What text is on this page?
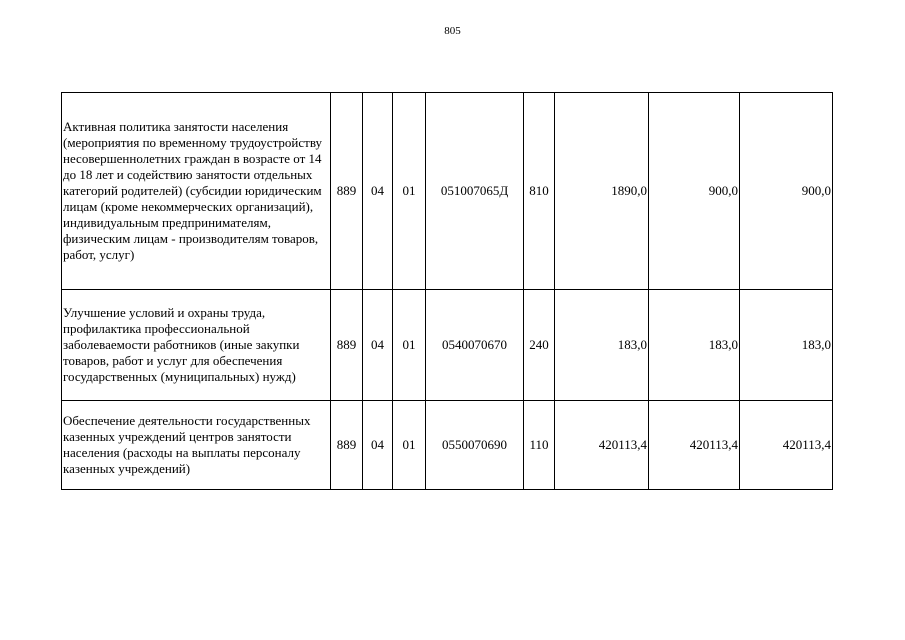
805
Активная политика занятости населения (мероприятия по временному трудоустройству несовершеннолетних граждан в возрасте от 14 до 18 лет и содействию занятости отдельных категорий родителей) (субсидии юридическим лицам (кроме некоммерческих организаций), индивидуальным предпринимателям, физическим лицам - производителям товаров, работ, услуг)	889	04	01	051007065Д	810	1890,0	900,0	900,0
Улучшение условий и охраны труда, профилактика профессиональной заболеваемости работников (иные закупки товаров, работ и услуг для обеспечения государственных (муниципальных) нужд)	889	04	01	0540070670	240	183,0	183,0	183,0
Обеспечение деятельности государственных казенных учреждений центров занятости населения (расходы на выплаты персоналу казенных учреждений)	889	04	01	0550070690	110	420113,4	420113,4	420113,4
